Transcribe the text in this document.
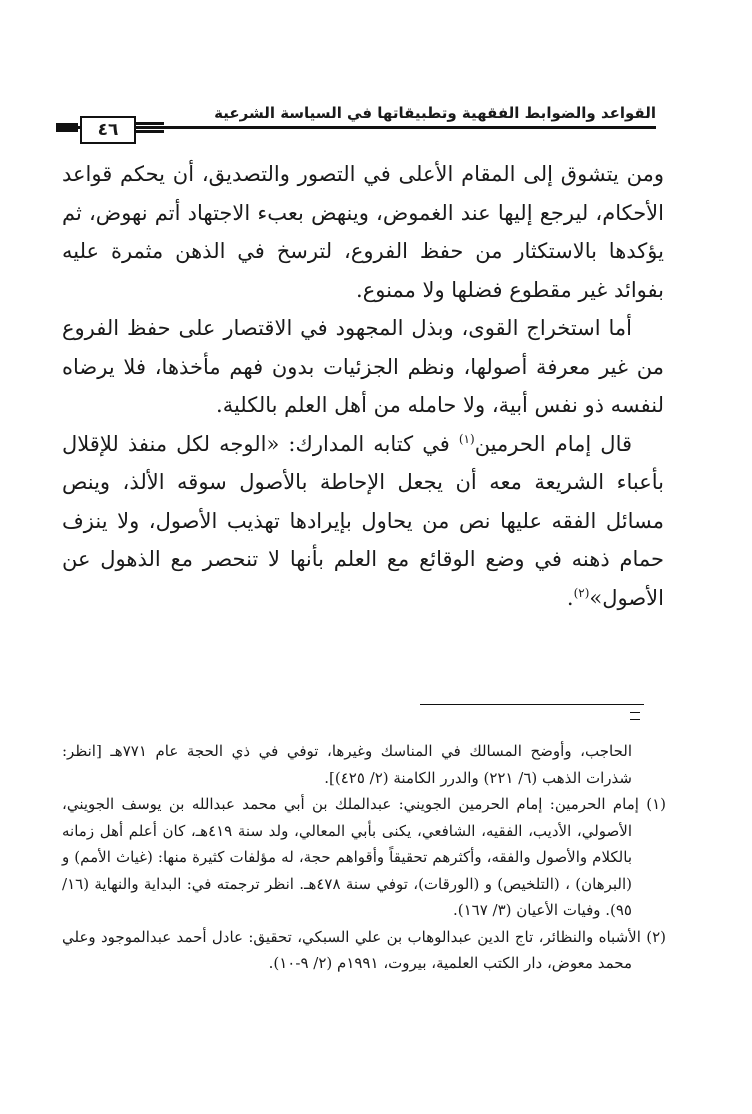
٤٦
القواعد والضوابط الفقهية وتطبيقاتها في السياسة الشرعية

ومن يتشوق إلى المقام الأعلى في التصور والتصديق، أن يحكم قواعد الأحكام، ليرجع إليها عند الغموض، وينهض بعبء الاجتهاد أتم نهوض، ثم يؤكدها بالاستكثار من حفظ الفروع، لترسخ في الذهن مثمرة عليه بفوائد غير مقطوع فضلها ولا ممنوع.

أما استخراج القوى، وبذل المجهود في الاقتصار على حفظ الفروع من غير معرفة أصولها، ونظم الجزئيات بدون فهم مأخذها، فلا يرضاه لنفسه ذو نفس أبية، ولا حامله من أهل العلم بالكلية.

قال إمام الحرمين$^{(١)}$ في كتابه المدارك: «الوجه لكل منفذ للإقلال بأعباء الشريعة معه أن يجعل الإحاطة بالأصول سوقه الألذ، وينص مسائل الفقه عليها نص من يحاول بإيرادها تهذيب الأصول، ولا ينزف حمام ذهنه في وضع الوقائع مع العلم بأنها لا تنحصر مع الذهول عن الأصول»$^{(٢)}$.

الحاجب، وأوضح المسالك في المناسك وغيرها، توفي في ذي الحجة عام ٧٧١هـ [انظر: شذرات الذهب (٦/ ٢٢١) والدرر الكامنة (٢/ ٤٢٥)].

(١) إمام الحرمين: إمام الحرمين الجويني: عبدالملك بن أبي محمد عبدالله بن يوسف الجويني، الأصولي، الأديب، الفقيه، الشافعي، يكنى بأبي المعالي، ولد سنة ٤١٩هـ، كان أعلم أهل زمانه بالكلام والأصول والفقه، وأكثرهم تحقيقاً وأقواهم حجة، له مؤلفات كثيرة منها: (غياث الأمم) و (البرهان) ، (التلخيص) و (الورقات)، توفي سنة ٤٧٨هـ. انظر ترجمته في: البداية والنهاية (١٦/ ٩٥). وفيات الأعيان (٣/ ١٦٧).

(٢) الأشباه والنظائر، تاج الدين عبدالوهاب بن علي السبكي، تحقيق: عادل أحمد عبدالموجود وعلي محمد معوض، دار الكتب العلمية، بيروت، ١٩٩١م (٢/ ٩-١٠).
